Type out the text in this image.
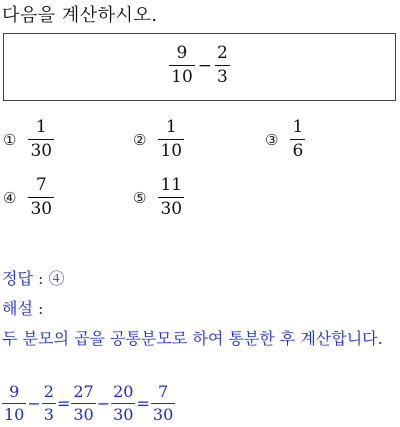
다음을 계산하시오.
$\frac{9}{10} - \frac{2}{3}$
① $\frac{1}{30}$	② $\frac{1}{10}$	③ $\frac{1}{6}$
④ $\frac{7}{30}$	⑤ $\frac{11}{30}$
정답 : ④
해설 :
두 분모의 곱을 공통분모로 하여 통분한 후 계산합니다.
$\frac{9}{10} - \frac{2}{3} = \frac{27}{30} - \frac{20}{30} = \frac{7}{30}$
